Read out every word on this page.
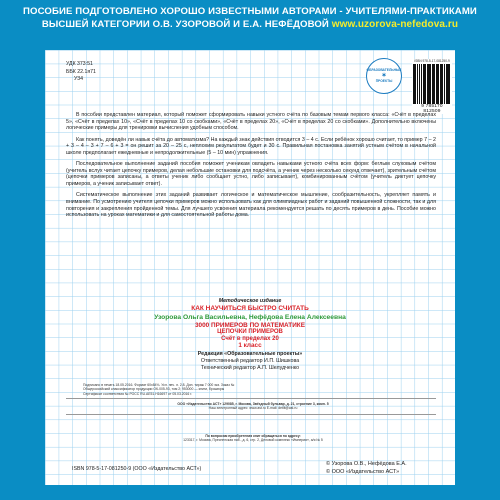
ПОСОБИЕ ПОДГОТОВЛЕНО ХОРОШО ИЗВЕСТНЫМИ АВТОРАМИ - УЧИТЕЛЯМИ-ПРАКТИКАМИ
ВЫСШЕЙ КАТЕГОРИИ О.В. УЗОРОВОЙ И Е.А. НЕФЁДОВОЙ www.uzorova-nefedova.ru
УДК 373:51
ББК 22.1я71
У34
ОБРАЗОВАТЕЛЬНЫЕ
✶
ПРОЕКТЫ
ISBN 978-5-17-081250-9
9 785170 812509

В пособии представлен материал, который поможет сформировать навыки устного счёта по базовым темам первого класса: «Счёт в пределах 5», «Счёт в пределах 10», «Счёт в пределах 10 со скобками», «Счёт в пределах 20», «Счёт в пределах 20 со скобками». Дополнительно включены логические примеры для тренировки вычисления удобным способом.

Как понять, доведён ли навык счёта до автоматизма? На каждый знак действия отводится 3 – 4 с. Если ребёнок хорошо считает, то пример 7 – 2 + 3 – 4 – 3 + 7 – 6 + 3 = он решит за 20 – 25 с, неплохим результатом будет и 30 с. Правильная постановка занятий устным счётом в начальной школе предполагает ежедневные и непродолжительные (5 – 10 мин) упражнения.

Последовательное выполнение заданий пособия поможет ученикам овладеть навыками устного счёта всех форм: беглым слуховым счётом (учитель вслух читает цепочку примеров, делая небольшие остановки для подсчёта, а ученик через несколько секунд отвечает), зрительным счётом (цепочки примеров записаны, а ответы ученик либо сообщает устно, либо записывает), комбинированным счётом (учитель диктует цепочку примеров, а ученик записывает ответ).

Систематическое выполнение этих заданий развивает логическое и математическое мышление, сообразительность, укрепляет память и внимание. По усмотрению учителя цепочки примеров можно использовать как для олимпиадных работ и заданий повышенной сложности, так и для повторения и закрепления пройденной темы. Для лучшего усвоения материала рекомендуется решать по десять примеров в день. Пособие можно использовать на уроках математики и для самостоятельной работы дома.

Методическое издание
КАК НАУЧИТЬСЯ БЫСТРО СЧИТАТЬ
Узорова Ольга Васильевна, Нефёдова Елена Алексеевна
3000 ПРИМЕРОВ ПО МАТЕМАТИКЕ
ЦЕПОЧКИ ПРИМЕРОВ
Счёт в пределах 20
1 класс
Редакция «Образовательные проекты»
Ответственный редактор И.П. Шишкова
Технический редактор А.П. Шелудченко
Подписано в печать 18.05.2016. Формат 60х84⅛. Усл. печ. л. 2,8. Доп. тираж 7 000 экз. Заказ №
Общероссийский классификатор продукции ОК-005-93, том 2; 953000 — книги, брошюры
Сертификат соответствия № РОСС RU.AE51.Н16697 от 05.03.2016 г.
ООО «Издательство АСТ» 129085, г. Москва, Звёздный бульвар, д. 21, строение 3, комн. 5
Наш электронный адрес: www.ast.ru E-mail: detlit@ast.ru
По вопросам приобретения книг обращаться по адресу:
123317, г. Москва, Пресненская наб., д. 6, стр. 2, Деловой комплекс «Империя», а/я № 5
ISBN 978-5-17-081250-9 (ООО «Издательство АСТ»)
© Узорова О.В., Нефёдова Е.А.
© ООО «Издательство АСТ»
